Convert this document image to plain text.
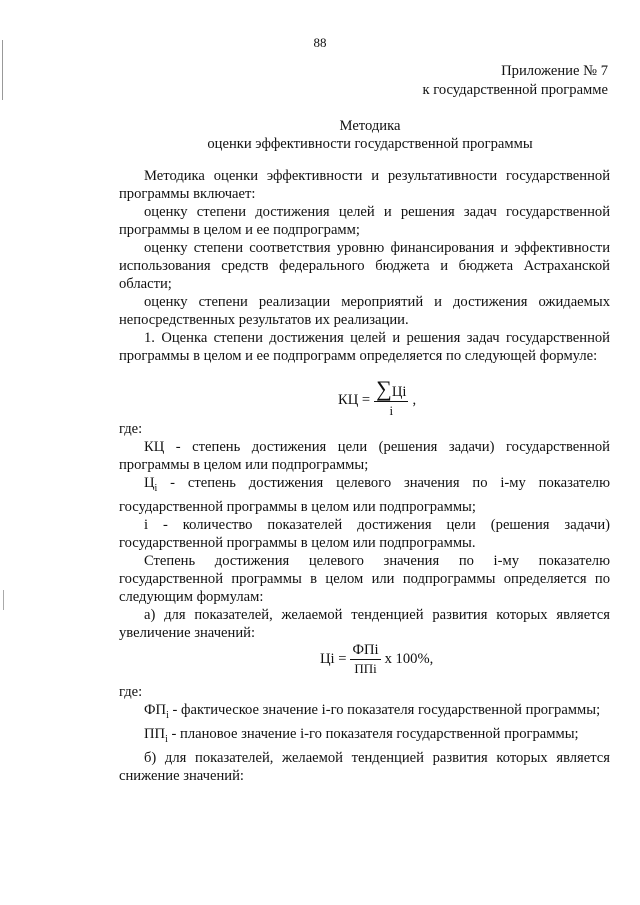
88
Приложение № 7
к государственной программе
Методика
оценки эффективности государственной программы

Методика оценки эффективности и результативности государственной программы включает:

оценку степени достижения целей и решения задач государственной программы в целом и ее подпрограмм;

оценку степени соответствия уровню финансирования и эффективности использования средств федерального бюджета и бюджета Астраханской области;

оценку степени реализации мероприятий и достижения ожидаемых непосредственных результатов их реализации.

1. Оценка степени достижения целей и решения задач государственной программы в целом и ее подпрограмм определяется по следующей формуле:

КЦ = $\frac{\sum Цi}{i}$ ,

где:

КЦ - степень достижения цели (решения задачи) государственной программы в целом или подпрограммы;

$Ц_i$ - степень достижения целевого значения по i-му показателю государственной программы в целом или подпрограммы;

i - количество показателей достижения цели (решения задачи) государственной программы в целом или подпрограммы.

Степень достижения целевого значения по i-му показателю государственной программы в целом или подпрограммы определяется по следующим формулам:

а) для показателей, желаемой тенденцией развития которых является увеличение значений:

Цi = $\frac{\text{ФПi}}{\text{ППi}}$ x 100%,

где:

$ФП_i$ - фактическое значение i-го показателя государственной программы;

$ПП_i$ - плановое значение i-го показателя государственной программы;

б) для показателей, желаемой тенденцией развития которых является снижение значений:
